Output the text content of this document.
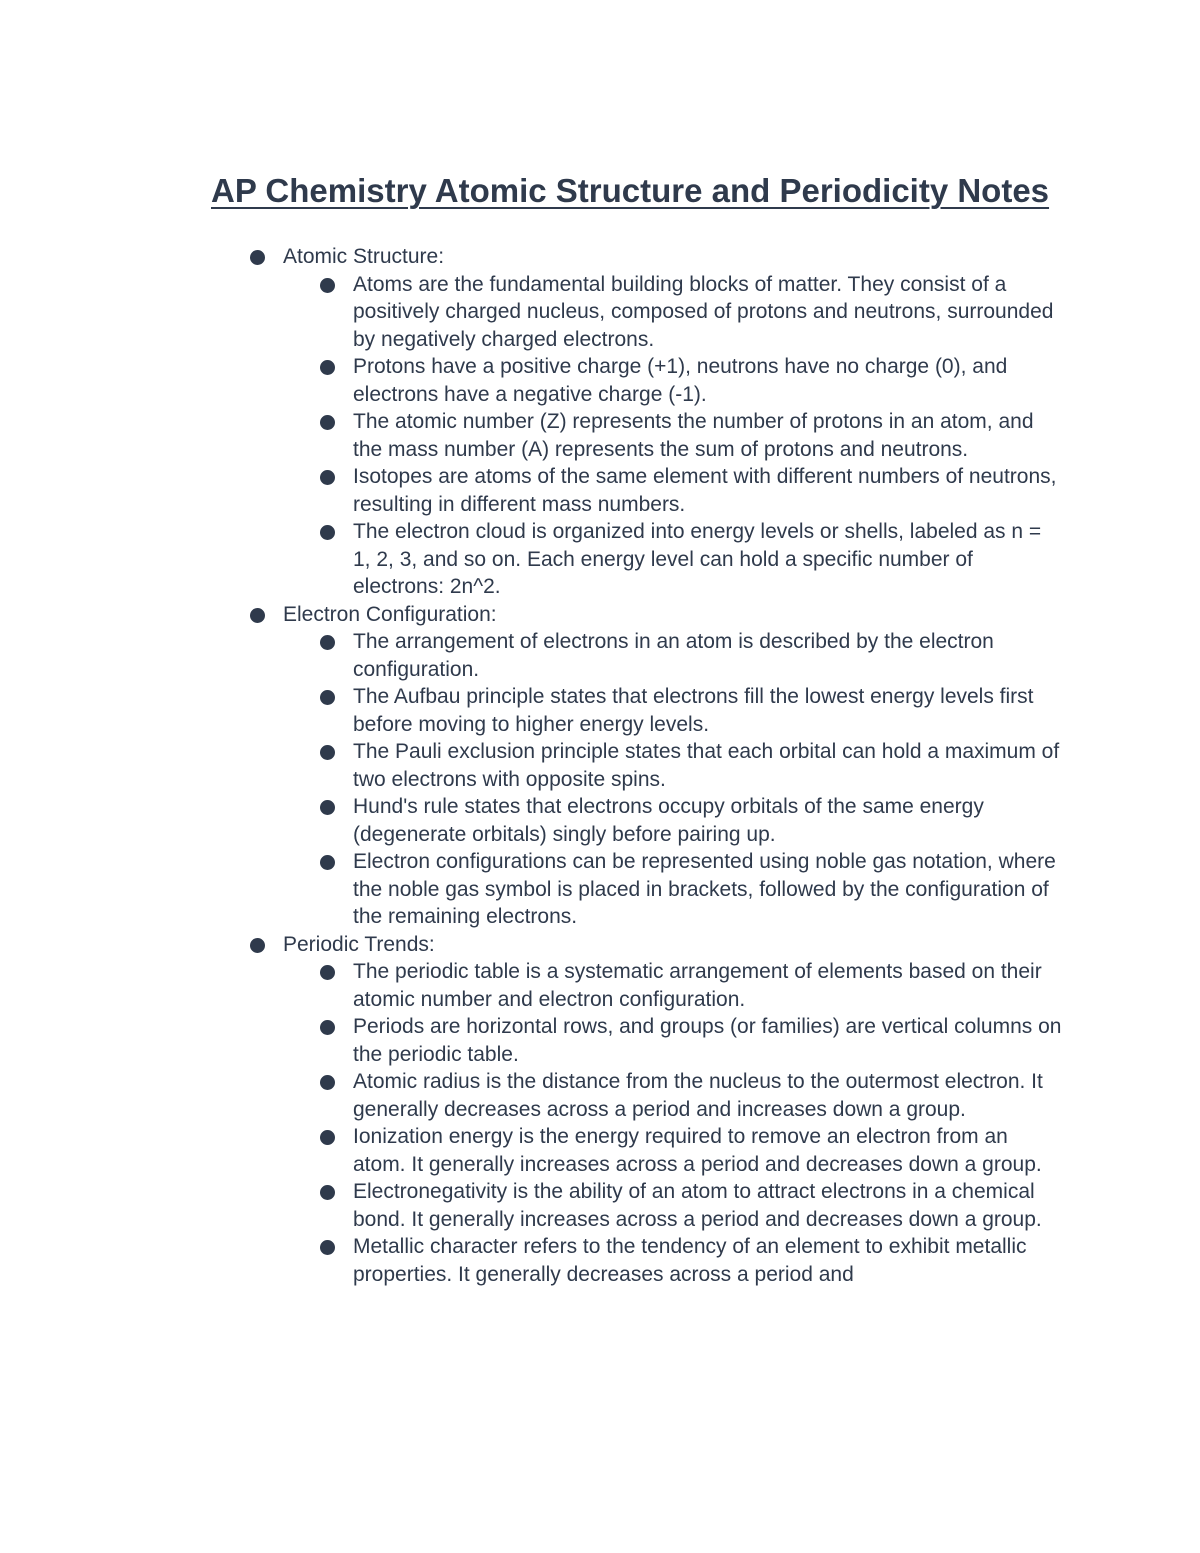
AP Chemistry Atomic Structure and Periodicity Notes
Atomic Structure:
Atoms are the fundamental building blocks of matter. They consist of a positively charged nucleus, composed of protons and neutrons, surrounded by negatively charged electrons.
Protons have a positive charge (+1), neutrons have no charge (0), and electrons have a negative charge (-1).
The atomic number (Z) represents the number of protons in an atom, and the mass number (A) represents the sum of protons and neutrons.
Isotopes are atoms of the same element with different numbers of neutrons, resulting in different mass numbers.
The electron cloud is organized into energy levels or shells, labeled as n = 1, 2, 3, and so on. Each energy level can hold a specific number of electrons: 2n^2.
Electron Configuration:
The arrangement of electrons in an atom is described by the electron configuration.
The Aufbau principle states that electrons fill the lowest energy levels first before moving to higher energy levels.
The Pauli exclusion principle states that each orbital can hold a maximum of two electrons with opposite spins.
Hund's rule states that electrons occupy orbitals of the same energy (degenerate orbitals) singly before pairing up.
Electron configurations can be represented using noble gas notation, where the noble gas symbol is placed in brackets, followed by the configuration of the remaining electrons.
Periodic Trends:
The periodic table is a systematic arrangement of elements based on their atomic number and electron configuration.
Periods are horizontal rows, and groups (or families) are vertical columns on the periodic table.
Atomic radius is the distance from the nucleus to the outermost electron. It generally decreases across a period and increases down a group.
Ionization energy is the energy required to remove an electron from an atom. It generally increases across a period and decreases down a group.
Electronegativity is the ability of an atom to attract electrons in a chemical bond. It generally increases across a period and decreases down a group.
Metallic character refers to the tendency of an element to exhibit metallic properties. It generally decreases across a period and
